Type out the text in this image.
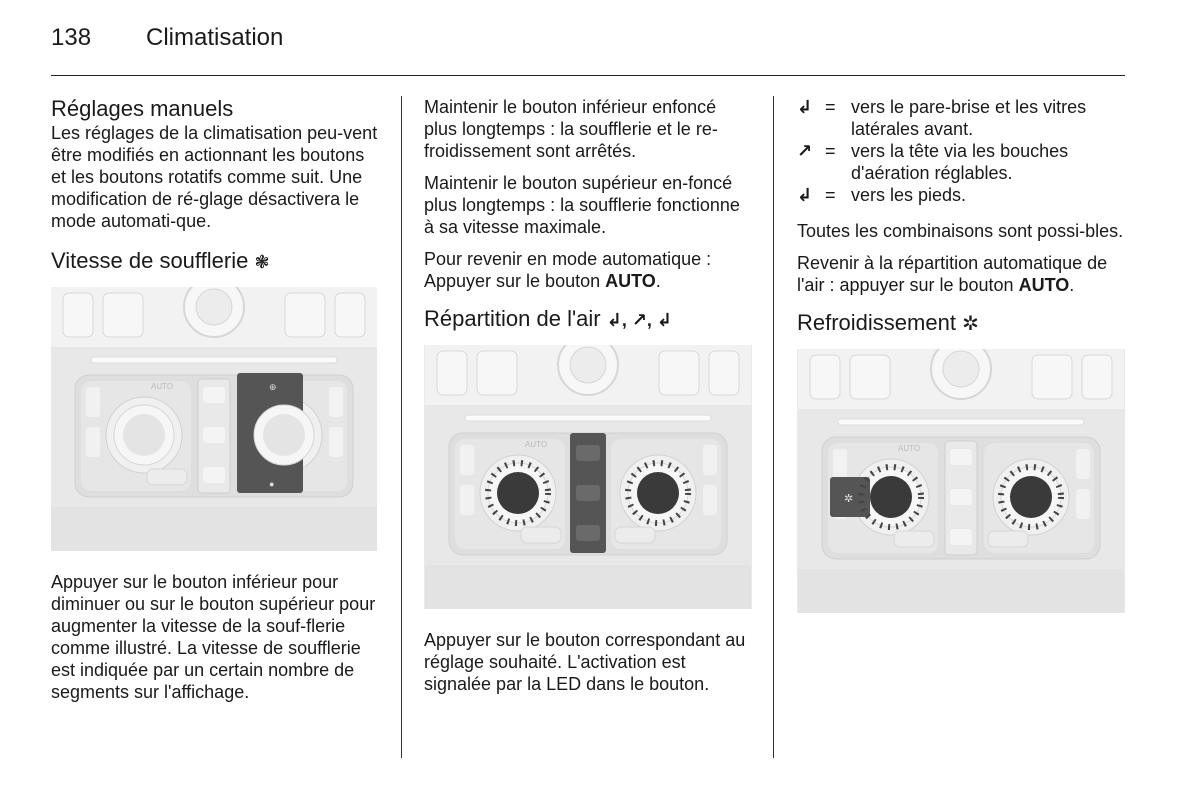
138	Climatisation
Réglages manuels

Les réglages de la climatisation peu-vent être modifiés en actionnant les boutons et les boutons rotatifs comme suit. Une modification de ré-glage désactivera le mode automati-que.

Vitesse de soufflerie ❃
⊕
●
AUTO

Appuyer sur le bouton inférieur pour diminuer ou sur le bouton supérieur pour augmenter la vitesse de la souf-flerie comme illustré. La vitesse de soufflerie est indiquée par un certain nombre de segments sur l'affichage.

Maintenir le bouton inférieur enfoncé plus longtemps : la soufflerie et le re-froidissement sont arrêtés.

Maintenir le bouton supérieur en-foncé plus longtemps : la soufflerie fonctionne à sa vitesse maximale.

Pour revenir en mode automatique : Appuyer sur le bouton AUTO.

Répartition de l'air ↲, ↗, ↲
AUTO

Appuyer sur le bouton correspondant au réglage souhaité. L'activation est signalée par la LED dans le bouton.

↲ = vers le pare-brise et les vitres latérales avant.
↗ = vers la tête via les bouches d'aération réglables.
↲ = vers les pieds.

Toutes les combinaisons sont possi-bles.

Revenir à la répartition automatique de l'air : appuyer sur le bouton AUTO.

Refroidissement ✲
✲
AUTO
